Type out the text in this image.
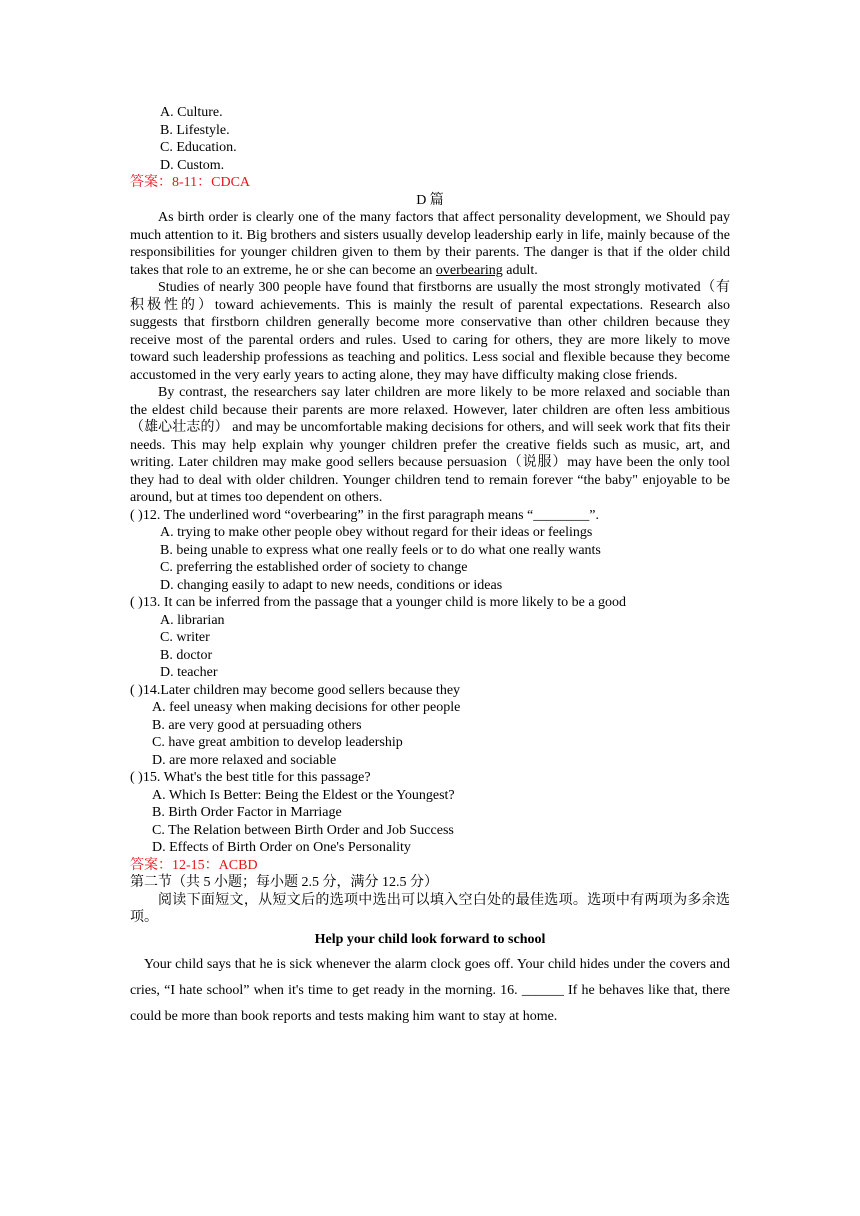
A. Culture.
B. Lifestyle.
C. Education.
D. Custom.
答案：8-11：CDCA
D 篇
As birth order is clearly one of the many factors that affect personality development, we Should pay much attention to it. Big brothers and sisters usually develop leadership early in life, mainly because of the responsibilities for younger children given to them by their parents. The danger is that if the older child takes that role to an extreme, he or she can become an overbearing adult.
Studies of nearly 300 people have found that firstborns are usually the most strongly motivated（有积极性的）toward achievements. This is mainly the result of parental expectations. Research also suggests that firstborn children generally become more conservative than other children because they receive most of the parental orders and rules. Used to caring for others, they are more likely to move toward such leadership professions as teaching and politics. Less social and flexible because they become accustomed in the very early years to acting alone, they may have difficulty making close friends.
By contrast, the researchers say later children are more likely to be more relaxed and sociable than the eldest child because their parents are more relaxed. However, later children are often less ambitious（雄心壮志的） and may be uncomfortable making decisions for others, and will seek work that fits their needs. This may help explain why younger children prefer the creative fields such as music, art, and writing. Later children may make good sellers because persuasion（说服）may have been the only tool they had to deal with older children. Younger children tend to remain forever “the baby" enjoyable to be around, but at times too dependent on others.
( )12. The underlined word “overbearing” in the first paragraph means “________”.
A. trying to make other people obey without regard for their ideas or feelings
B. being unable to express what one really feels or to do what one really wants
C. preferring the established order of society to change
D. changing easily to adapt to new needs, conditions or ideas
( )13. It can be inferred from the passage that a younger child is more likely to be a good
A. librarian
C. writer
B. doctor
D. teacher
( )14.Later children may become good sellers because they
A. feel uneasy when making decisions for other people
B. are very good at persuading others
C. have great ambition to develop leadership
D. are more relaxed and sociable
( )15. What's the best title for this passage?
A. Which Is Better: Being the Eldest or the Youngest?
B. Birth Order Factor in Marriage
C. The Relation between Birth Order and Job Success
D. Effects of Birth Order on One's Personality
答案：12-15：ACBD
第二节（共 5 小题；每小题 2.5 分，满分 12.5 分）
阅读下面短文，从短文后的选项中选出可以填入空白处的最佳选项。选项中有两项为多余选项。
Help your child look forward to school
Your child says that he is sick whenever the alarm clock goes off. Your child hides under the covers and cries, “I hate school” when it's time to get ready in the morning. 16. ______ If he behaves like that, there could be more than book reports and tests making him want to stay at home.
